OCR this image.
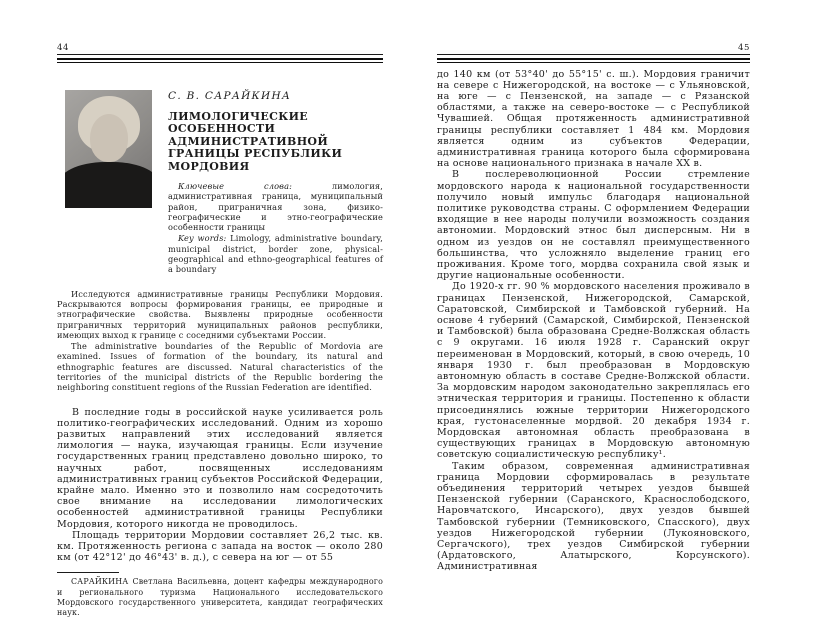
44
С. В. САРАЙКИНА
ЛИМОЛОГИЧЕСКИЕ ОСОБЕННОСТИ АДМИНИСТРАТИВНОЙ ГРАНИЦЫ РЕСПУБЛИКИ МОРДОВИЯ

Ключевые слова:	лимология, административная граница, муниципальный район, приграничная зона, физико-географические и этно-географические особенности границы

Key words: Limology, administrative boundary, municipal district, border zone, physical-geographical and ethno-geographical features of a boundary

Исследуются административные границы Республики Мордовия. Раскрываются вопросы формирования границы, ее природные и этнографические свойства. Выявлены природные особенности приграничных территорий муниципальных районов республики, имеющих выход к границе с соседними субъектами России.

The administrative boundaries of the Republic of Mordovia are examined. Issues of formation of the boundary, its natural and ethnographic features are discussed. Natural characteristics of the territories of the municipal districts of the Republic bordering the neighboring constituent regions of the Russian Federation are identified.

В последние годы в российской науке усиливается роль политико-географических исследований. Одним из хорошо развитых направлений этих исследований является лимология — наука, изучающая границы. Если изучение государственных границ представлено довольно широко, то научных работ, посвященных исследованиям административных границ субъектов Российской Федерации, крайне мало. Именно это и позволило нам сосредоточить свое внимание на исследовании лимологических особенностей административной границы Республики Мордовия, которого никогда не проводилось.

Площадь территории Мордовии составляет 26,2 тыс. кв. км. Протяженность региона с запада на восток — около 280 км (от 42°12' до 46°43' в. д.), с севера на юг — от 55

САРАЙКИНА Светлана Васильевна, доцент кафедры международного и регионального туризма Национального исследовательского Мордовского государственного университета, кандидат географических наук.

45

до 140 км (от 53°40' до 55°15' с. ш.). Мордовия граничит на севере с Нижегородской, на востоке — с Ульяновской, на юге — с Пензенской, на западе — с Рязанской областями, а также на северо-востоке — с Республикой Чувашией. Общая протяженность административной границы республики составляет 1 484 км. Мордовия является одним из субъектов Федерации, административная граница которого была сформирована на основе национального признака в начале XX в.

В послереволюционной России стремление мордовского народа к национальной государственности получило новый импульс благодаря национальной политике руководства страны. С оформлением Федерации входящие в нее народы получили возможность создания автономии. Мордовский этнос был дисперсным. Ни в одном из уездов он не составлял преимущественного большинства, что усложняло выделение границ его проживания. Кроме того, мордва сохранила свой язык и другие национальные особенности.

До 1920-х гг. 90 % мордовского населения проживало в границах Пензенской, Нижегородской, Самарской, Саратовской, Симбирской и Тамбовской губерний. На основе 4 губерний (Самарской, Симбирской, Пензенской и Тамбовской) была образована Средне-Волжская область с 9 округами. 16 июля 1928 г. Саранский округ переименован в Мордовский, который, в свою очередь, 10 января 1930 г. был преобразован в Мордовскую автономную область в составе Средне-Волжской области. За мордовским народом законодательно закреплялась его этническая территория и границы. Постепенно к области присоединялись южные территории Нижегородского края, густонаселенные мордвой. 20 декабря 1934 г. Мордовская автономная область преобразована в существующих границах в Мордовскую автономную советскую социалистическую республику¹.

Таким образом, современная административная граница Мордовии сформировалась в результате объединения территорий четырех уездов бывшей Пензенской губернии (Саранского, Краснослободского, Наровчатского, Инсарского), двух уездов бывшей Тамбовской губернии (Темниковского, Спасского), двух уездов Нижегородской губернии (Лукояновского, Сергачского), трех уездов Симбирской губернии (Ардатовского, Алатырского, Корсунского). Административная
